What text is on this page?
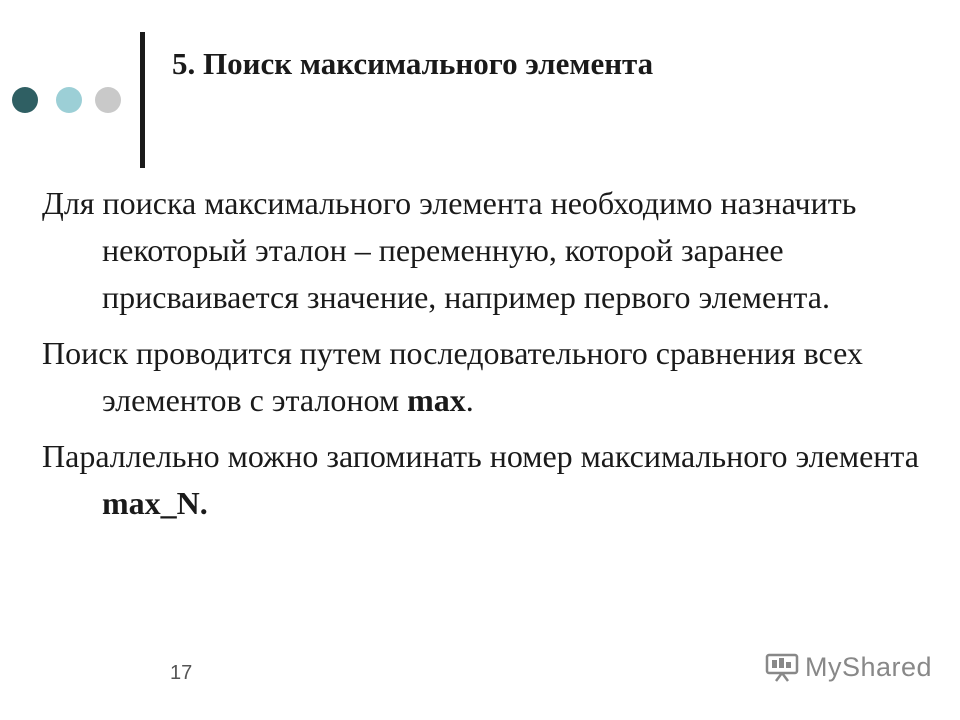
5. Поиск максимального элемента

Для поиска максимального элемента необходимо назначить некоторый эталон – переменную, которой заранее присваивается значение, например первого элемента.

Поиск проводится путем последовательного сравнения всех элементов с эталоном max.

Параллельно можно запоминать номер максимального элемента max_N.

17	MyShared
